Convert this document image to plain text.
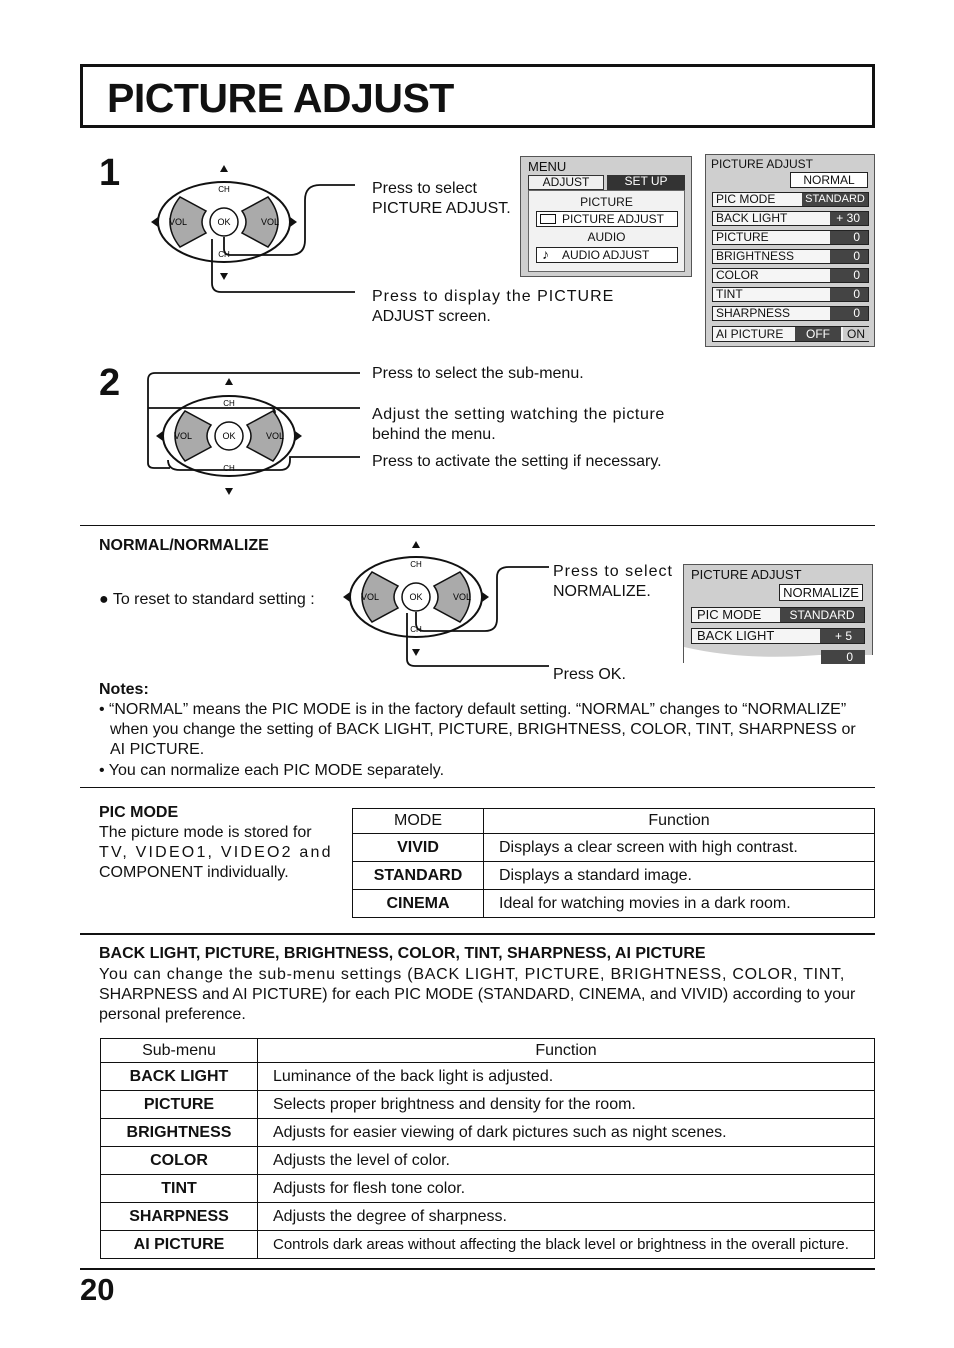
PICTURE ADJUST
1
OK
VOL	VOL
CH
CH
Press to select
PICTURE ADJUST.
Press to display the PICTURE
ADJUST screen.
MENU
ADJUST	SET UP
PICTURE
PICTURE ADJUST
AUDIO
♪ AUDIO ADJUST
PICTURE ADJUST
NORMAL
PIC MODE	STANDARD
BACK LIGHT	+ 30
PICTURE	0
BRIGHTNESS	0
COLOR	0
TINT	0
SHARPNESS	0
AI PICTURE	OFF	ON
2
OK
VOL	VOL
CH
CH
Press to select the sub-menu.
Adjust the setting watching the picture
behind the menu.
Press to activate the setting if necessary.
NORMAL/NORMALIZE
● To reset to standard setting :	OK
VOL	VOL
CH
CH
Press to select
NORMALIZE.
Press OK.
PICTURE ADJUST
NORMALIZE
PIC MODE	STANDARD
BACK LIGHT	+ 5
0
Notes:
• “NORMAL” means the PIC MODE is in the factory default setting. “NORMAL” changes to “NORMALIZE”
when you change the setting of BACK LIGHT, PICTURE, BRIGHTNESS, COLOR, TINT, SHARPNESS or
AI PICTURE.
• You can normalize each PIC MODE separately.
PIC MODE
The picture mode is stored for
TV, VIDEO1, VIDEO2 and
COMPONENT individually.
MODE	Function
VIVID	Displays a clear screen with high contrast.
STANDARD	Displays a standard image.
CINEMA	Ideal for watching movies in a dark room.
BACK LIGHT, PICTURE, BRIGHTNESS, COLOR, TINT, SHARPNESS, AI PICTURE
You can change the sub-menu settings (BACK LIGHT, PICTURE, BRIGHTNESS, COLOR, TINT,
SHARPNESS and AI PICTURE) for each PIC MODE (STANDARD, CINEMA, and VIVID) according to your
personal preference.
Sub-menu	Function
BACK LIGHT	Luminance of the back light is adjusted.
PICTURE	Selects proper brightness and density for the room.
BRIGHTNESS	Adjusts for easier viewing of dark pictures such as night scenes.
COLOR	Adjusts the level of color.
TINT	Adjusts for flesh tone color.
SHARPNESS	Adjusts the degree of sharpness.
AI PICTURE	Controls dark areas without affecting the black level or brightness in the overall picture.
20
